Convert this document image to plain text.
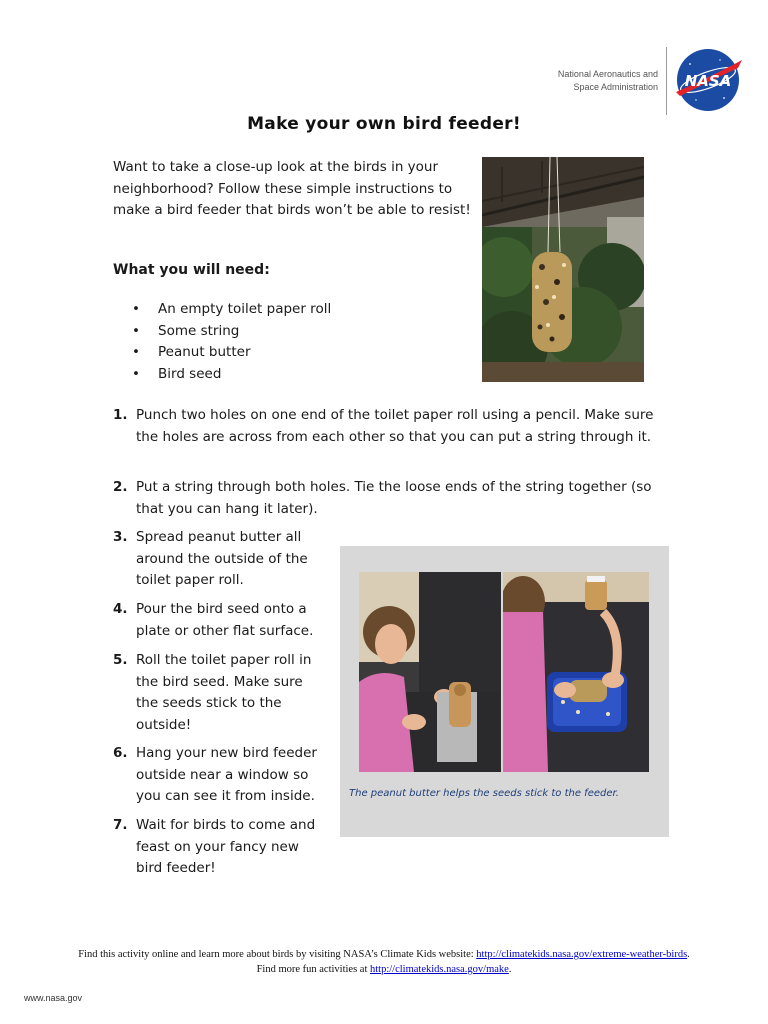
National Aeronautics and
Space Administration NASA
Make your own bird feeder!
Want to take a close-up look at the birds in your neighborhood? Follow these simple instructions to make a bird feeder that birds won’t be able to resist!
What you will need:
• An empty toilet paper roll
• Some string
• Peanut butter
• Bird seed
1. Punch two holes on one end of the toilet paper roll using a pencil. Make sure the holes are across from each other so that you can put a string through it.
2. Put a string through both holes. Tie the loose ends of the string together (so that you can hang it later).
3. Spread peanut butter all around the outside of the toilet paper roll.
4. Pour the bird seed onto a plate or other flat surface.
5. Roll the toilet paper roll in the bird seed. Make sure the seeds stick to the outside!
6. Hang your new bird feeder outside near a window so you can see it from inside.
7. Wait for birds to come and feast on your fancy new bird feeder!
The peanut butter helps the seeds stick to the feeder.
Find this activity online and learn more about birds by visiting NASA’s Climate Kids website: http://climatekids.nasa.gov/extreme-weather-birds.
Find more fun activities at http://climatekids.nasa.gov/make.
www.nasa.gov
